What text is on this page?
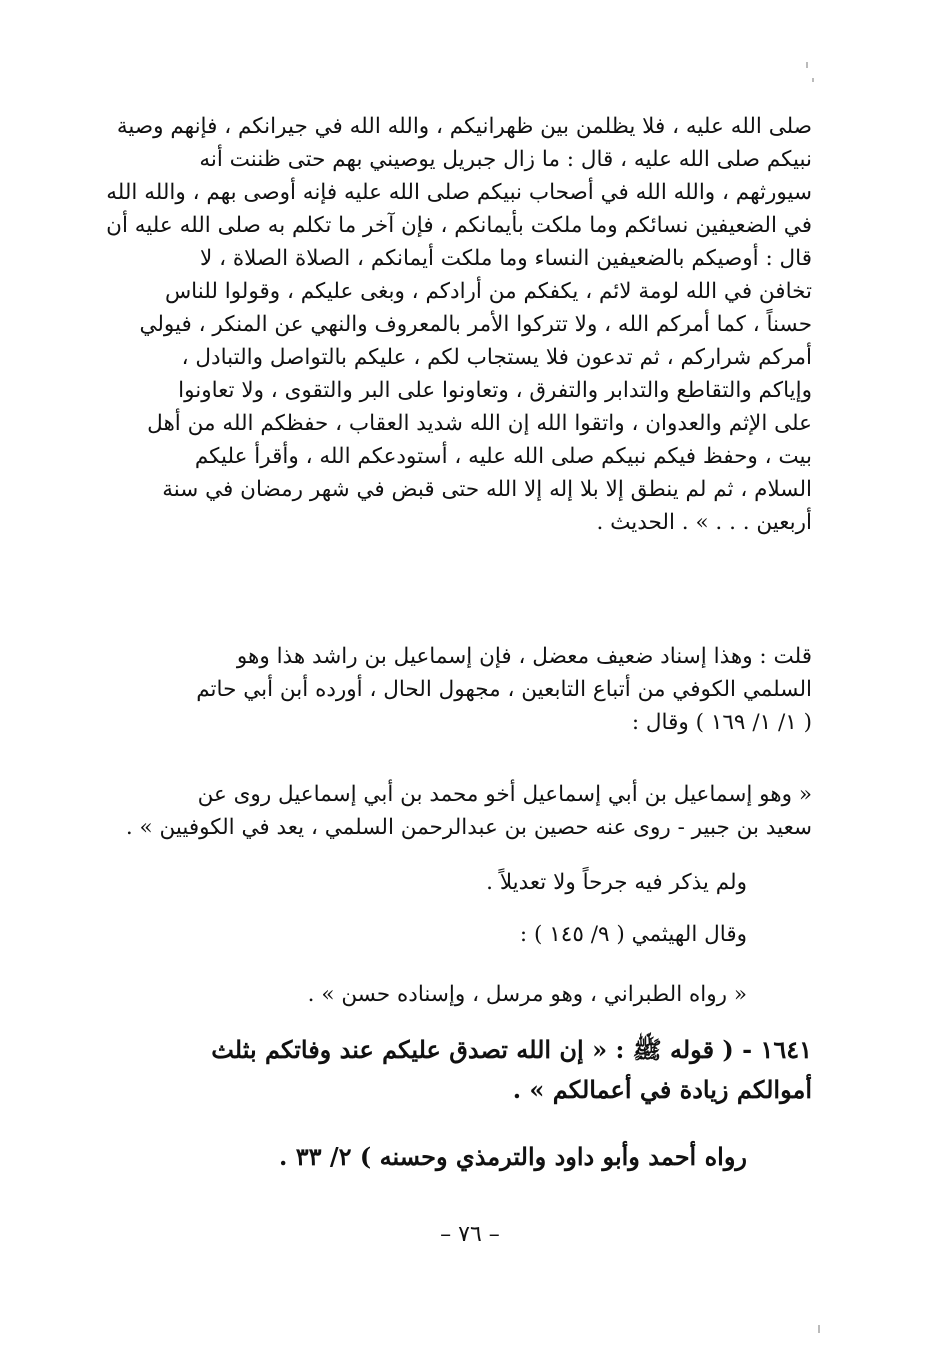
صلى الله عليه ، فلا يظلمن بين ظهرانيكم ، والله الله في جيرانكم ، فإنهم وصية
نبيكم صلى الله عليه ، قال : ما زال جبريل يوصيني بهم حتى ظننت أنه
سيورثهم ، والله الله في أصحاب نبيكم صلى الله عليه فإنه أوصى بهم ، والله الله
في الضعيفين نسائكم وما ملكت بأيمانكم ، فإن آخر ما تكلم به صلى الله عليه أن
قال : أوصيكم بالضعيفين النساء وما ملكت أيمانكم ، الصلاة الصلاة ، لا
تخافن في الله لومة لائم ، يكفكم من أرادكم ، وبغى عليكم ، وقولوا للناس
حسناً ، كما أمركم الله ، ولا تتركوا الأمر بالمعروف والنهي عن المنكر ، فيولي
أمركم شراركم ، ثم تدعون فلا يستجاب لكم ، عليكم بالتواصل والتبادل ،
وإياكم والتقاطع والتدابر والتفرق ، وتعاونوا على البر والتقوى ، ولا تعاونوا
على الإثم والعدوان ، واتقوا الله إن الله شديد العقاب ، حفظكم الله من أهل
بيت ، وحفظ فيكم نبيكم صلى الله عليه ، أستودعكم الله ، وأقرأ عليكم
السلام ، ثم لم ينطق إلا بلا إله إلا الله حتى قبض في شهر رمضان في سنة
أربعين . . . » . الحديث .
قلت : وهذا إسناد ضعيف معضل ، فإن إسماعيل بن راشد هذا وهو
السلمي الكوفي من أتباع التابعين ، مجهول الحال ، أورده أبن أبي حاتم
( ١/ ١/ ١٦٩ ) وقال :
« وهو إسماعيل بن أبي إسماعيل أخو محمد بن أبي إسماعيل روى عن
سعيد بن جبير - روى عنه حصين بن عبدالرحمن السلمي ، يعد في الكوفيين » .
ولم يذكر فيه جرحاً ولا تعديلاً .
وقال الهيثمي ( ٩/ ١٤٥ ) :
« رواه الطبراني ، وهو مرسل ، وإسناده حسن » .
١٦٤١ - ( قوله ﷺ : « إن الله تصدق عليكم عند وفاتكم بثلث
أموالكم زيادة في أعمالكم » .
رواه أحمد وأبو داود والترمذي وحسنه ) ٢/ ٣٣ .
– ٧٦ –
